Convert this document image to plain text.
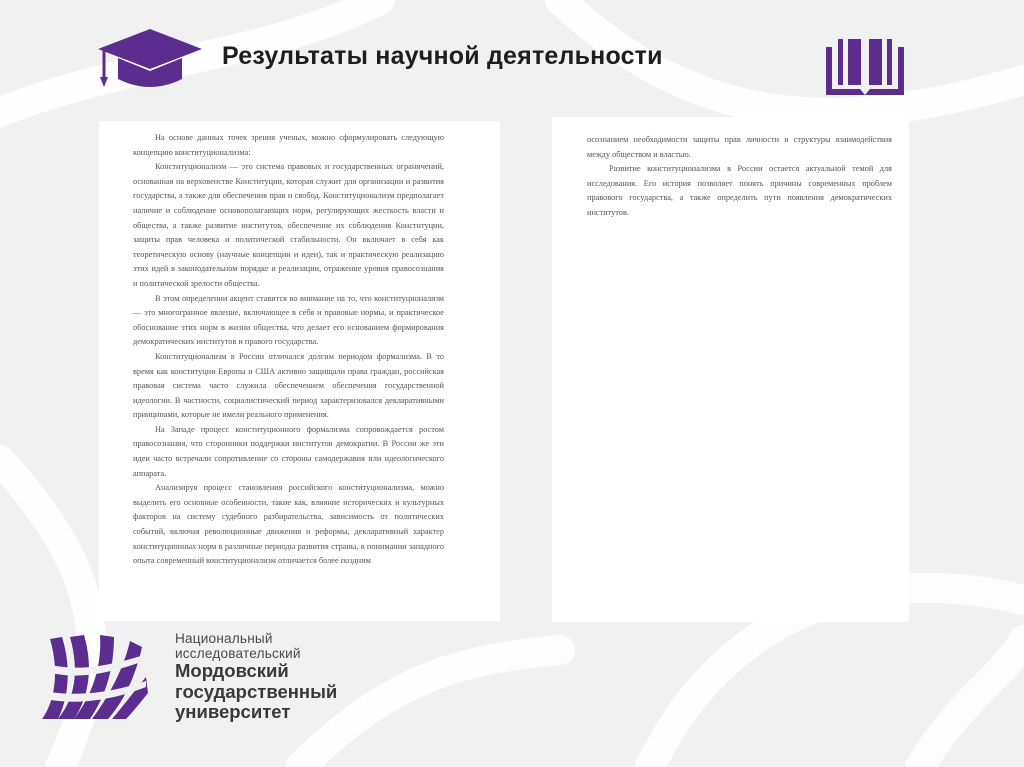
Результаты научной деятельности

На основе данных точек зрения ученых, можно сформулировать следующую концепцию конституционализма:

Конституционализм — это система правовых и государственных ограничений, основанная на верховенстве Конституции, которая служит для организации и развития государства, а также для обеспечения прав и свобод. Конституционализм предполагает наличие и соблюдение основополагающих норм, регулирующих жесткость власти и общества, а также развитие институтов, обеспечение их соблюдения Конституции, защиты прав человека и политической стабильности. Он включает в себя как теоретическую основу (научные концепции и идеи), так и практическую реализацию этих идей в законодательном порядке и реализации, отражение уровня правосознания и политической зрелости общества.

В этом определении акцент ставится во внимание на то, что конституционализм — это многогранное явление, включающее в себя и правовые нормы, и практическое обоснование этих норм в жизни общества, что делает его основанием формирования демократических институтов и правого государства.

Конституционализм в России отличался долгим периодом формализма. В то время как конституции Европы и США активно защищали права граждан, российская правовая система часто служила обеспечением обеспечения государственной идеологии. В частности, социалистический период характеризовался декларативными принципами, которые не имели реального применения.

На Западе процесс конституционного формализма сопровождается ростом правосознания, что сторонники поддержки институтов демократии. В России же эти идеи часто встречали сопротивление со стороны самодержавия или идеологического аппарата.

Анализируя процесс становления российского конституционализма, можно выделить его основные особенности, такие как, влияние исторических и культурных факторов на систему судебного разбирательства, зависимость от политических событий, включая революционные движения и реформы, декларативный характер конституционных норм в различные периоды развития страны, в понимании западного опыта современный конституционализм отличается более поздним

осознанием необходимости защиты прав личности и структуры взаимодействия между обществом и властью.

Развитие конституционализма в России остается актуальной темой для исследования. Его история позволяет понять причины современных проблем правового государства, а также определить пути появления демократических институтов.

Национальный
исследовательский
Мордовский
государственный
университет
